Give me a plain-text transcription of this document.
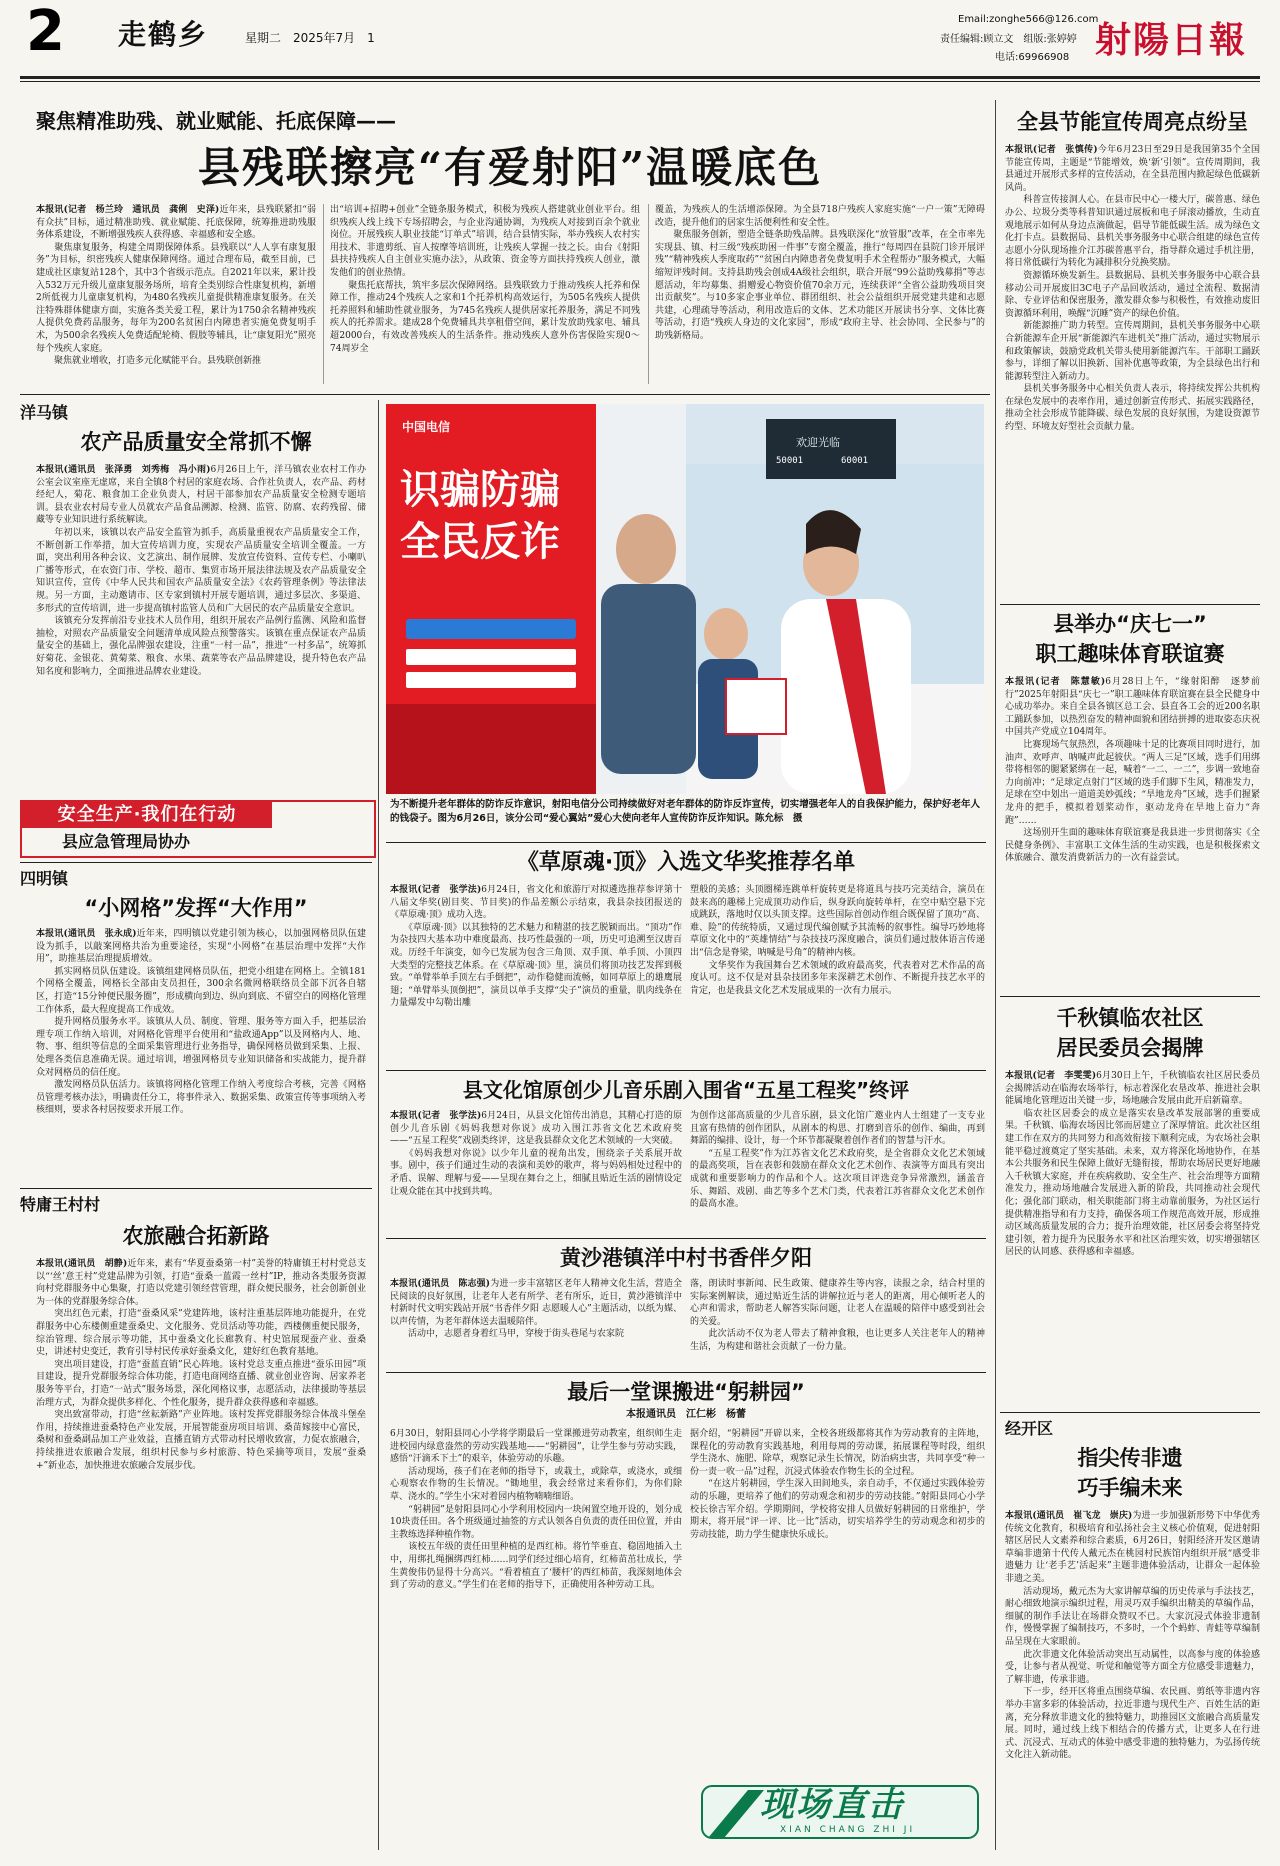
2 走鹤乡	星期二　2025年7月　1
Email:zonghe566@126.com
责任编辑:顾立文　组版:张婷婷
电话:69966908 射陽日報
聚焦精准助残、就业赋能、托底保障——
县残联擦亮“有爱射阳”温暖底色

本报讯(记者　杨兰玲　通讯员　龚俐　史泽)近年来，县残联紧扣“弱有众扶”目标，通过精准助残、就业赋能、托底保障，统筹推进助残服务体系建设，不断增强残疾人获得感、幸福感和安全感。
　　聚焦康复服务，构建全周期保障体系。县残联以“人人享有康复服务”为目标，织密残疾人健康保障网络。通过合理布局，截至目前，已建成社区康复站128个，其中3个省级示范点。自2021年以来，累计投入532万元升级儿童康复服务场所，培育全类别综合性康复机构，新增2所低视力儿童康复机构，为480名残疾儿童提供精准康复服务。在关注特殊群体健康方面，实施各类关爱工程，累计为1750余名精神残疾人提供免费药品服务，每年为200名贫困白内障患者实施免费复明手术，为500余名残疾人免费适配轮椅、假肢等辅具，让“康复阳光”照亮每个残疾人家庭。
　　聚焦就业增收，打造多元化赋能平台。县残联创新推

出“培训+招聘+创业”全链条服务模式，积极为残疾人搭建就业创业平台。组织残疾人线上线下专场招聘会，与企业沟通协调，为残疾人对接到百余个就业岗位。开展残疾人职业技能“订单式”培训，结合县情实际，举办残疾人农村实用技术、非遗剪纸、盲人按摩等培训班，让残疾人掌握一技之长。由台《射阳县扶持残疾人自主创业实施办法》，从政策、资金等方面扶持残疾人创业，激发他们的创业热情。
　　聚焦托底帮扶，筑牢多层次保障网络。县残联致力于推动残疾人托养和保障工作，推动24个残疾人之家和1个托养机构高效运行，为505名残疾人提供托养照料和辅助性就业服务，为745名残疾人提供居家托养服务，满足不同残疾人的托养需求。建成28个免费辅具共享租借空间，累计发放助残家电、辅具超2000台，有效改善残疾人的生活条件。推动残疾人意外伤害保险实现0～74周岁全

覆盖，为残疾人的生活增添保障。为全县718户残疾人家庭实施“一户一策”无障碍改造，提升他们的居家生活便利性和安全性。
　　聚焦服务创新，塑造全链条助残品牌。县残联深化“放管服”改革，在全市率先实现县、镇、村三级“残疾助困一件事”专窗全覆盖，推行“每周四在县院门诊开展评残”“精神残疾人季度取药”“贫困白内障患者免费复明手术全程帮办”服务模式，大幅缩短评残时间。支持县助残会创成4A级社会组织，联合开展“99公益助残募捐”等志愿活动，年均募集、捐赠爱心物资价值70余万元，连续获评“全省公益助残项目突出贡献奖”。与10多家企事业单位、群团组织、社会公益组织开展党建共建和志愿共建，心理疏导等活动，利用改造后的文体、艺术功能区开展读书分享、文体比赛等活动，打造“残疾人身边的文化家园”，形成“政府主导、社会协同、全民参与”的助残新格局。

全县节能宣传周亮点纷呈

本报讯(记者　张慎传)今年6月23日至29日是我国第35个全国节能宣传周，主题是“节能增效，焕‘新’引领”。宣传周期间，我县通过开展形式多样的宣传活动，在全县范围内掀起绿色低碳新风尚。
　　科普宣传接洞人心。在县市民中心一楼大厅，碳普惠、绿色办公、垃圾分类等科普知识通过展板和电子屏滚动播放，生动直观地展示如何从身边点滴做起，倡导节能低碳生活。成为绿色文化打卡点。县数据局、县机关事务服务中心联合组建的绿色宣传志愿小分队现场推介江苏碳普惠平台，指导群众通过手机注册，将日常低碳行为转化为减排积分兑换奖励。
　　资源循环焕发新生。县数据局、县机关事务服务中心联合县移动公司开展废旧3C电子产品回收活动，通过全流程、数据清除、专业评估和保密服务，激发群众参与积极性，有效推动废旧资源循环利用，唤醒“沉睡”资产的绿色价值。
　　新能源推广助力转型。宣传周期间，县机关事务服务中心联合新能源车企开展“新能源汽车进机关”推广活动，通过实物展示和政策解读，鼓励党政机关带头使用新能源汽车。干部职工踊跃参与，详细了解以旧换新、国补优惠等政策，为全县绿色出行和能源转型注入新动力。
　　县机关事务服务中心相关负责人表示，将持续发挥公共机构在绿色发展中的表率作用，通过创新宣传形式、拓展实践路径，推动全社会形成节能降碳、绿色发展的良好氛围，为建设资源节约型、环境友好型社会贡献力量。

洋马镇
农产品质量安全常抓不懈

本报讯(通讯员　张泽勇　刘秀梅　冯小雨)6月26日上午，洋马镇农业农村工作办公室会议室座无虚席，来自全镇8个村居的家庭农场、合作社负责人，农产品、药材经纪人，菊花、粮食加工企业负责人，村居干部参加农产品质量安全检测专题培训。县农业农村局专业人员就农产品食品溯源、检测、监管、防腐、农药残留、储藏等专业知识进行系统解读。
　　年初以来，该镇以农产品安全监管为抓手，高质量重视农产品质量安全工作，不断创新工作举措，加大宣传培训力度，实现农产品质量安全培训全覆盖。一方面，突出利用各种会议、文艺演出、制作展牌、发放宣传资料、宣传专栏、小喇叭广播等形式，在农资门市、学校、超市、集贸市场开展法律法规及农产品质量安全知识宣传，宣传《中华人民共和国农产品质量安全法》《农药管理条例》等法律法规。另一方面，主动邀请市、区专家到镇村开展专题培训，通过多层次、多渠道、多形式的宣传培训，进一步提高镇村监管人员和广大居民的农产品质量安全意识。
　　该镇充分发挥前沿专业技术人员作用，组织开展农产品例行监测、风险和监督抽检，对照农产品质量安全问题清单成风险点预警落实。该镇在重点保证农产品质量安全的基础上，强化品牌强农建设，注重“一村一品”，推进“一村多品”，统筹抓好菊花、金银花、黄菊菜、粮食、水果、蔬菜等农产品品牌建设，提升特色农产品知名度和影响力，全面推进品牌农业建设。

安全生产·我们在行动
县应急管理局协办
四明镇
“小网格”发挥“大作用”

本报讯(通讯员　张永成)近年来，四明镇以党建引领为核心，以加强网格员队伍建设为抓手，以敲案网格共治为重要途径，实现“小网格”在基层治理中发挥“大作用”，助推基层治理提质增效。
　　抓实网格员队伍建设。该镇组建网格员队伍，把党小组建在网格上。全镇181个网格全覆盖，网格长全部由支员担任，300余名微网格联络员全部下沉各自辖区，打造“15分钟便民服务圈”，形成横向到边、纵向到底、不留空白的网格化管理工作体系，最大程度提高工作成效。
　　提升网格员服务水平。该镇从人员、制度、管理、服务等方面入手，把基层治理专项工作纳入培训，对网格化管理平台使用和“盐政通App”以及网格内人、地、物、事、组织等信息的全面采集管理进行业务指导，确保网格员做到采集、上报、处理各类信息准确无误。通过培训，增强网格员专业知识储备和实战能力，提升群众对网格员的信任度。
　　激发网格员队伍活力。该镇将网格化管理工作纳入考度综合考核，完善《网格员管理考核办法》，明确责任分工，将事件录入、数据采集、政策宣传等事项纳入考核细则，要求各村居按要求开展工作。

特庸王村村
农旅融合拓新路

本报讯(通讯员　胡静)近年来，素有“华夏蚕桑第一村”美誉的特庸镇王村村党总支以“‘丝’意王村”党建品牌为引领，打造“蚕桑一蓝霞一丝村”IP，推动各类服务资源向村党群服务中心集聚，打造以党建引领经营管理，群众便民服务，社会创新创业为一体的党群服务综合体。
　　突出红色元素，打造“蚕桑风采”党建阵地，该村注重基层阵地功能提升，在党群服务中心东楼侧重建蚕桑史、文化服务、党员活动等功能，西楼侧重便民服务，综治管理、综合展示等功能，其中蚕桑文化长廊教育、村史馆展现蚕产业、蚕桑史，讲述村史变迁，教育引导村民传承好蚕桑文化，建好红色教育基地。
　　突出项目建设，打造“蚕蓝直销”民心阵地。该村党总支重点推进“蚕乐田园”项目建设，提升党群服务综合体功能，打造电商网络直播、就业创业咨询、居家养老服务等平台，打造“一站式”服务场景，深化网格议事，志愿活动，法律援助等基层治理方式，为群众提供多样化、个性化服务，提升群众获得感和幸福感。
　　突出致富带动，打造“丝耘新路”产业阵地。该村发挥党群服务综合体战斗堡垒作用，持续推进蚕桑特色产业发展，开展智能蚕房项目培训、桑苗嫁接中心富民，桑树和蚕桑副品加工产业效益，直播直销方式带动村民增收致富，力促农旅融合，持续推进农旅融合发展，组织村民参与乡村旅游、特色采摘等项目，发展“蚕桑+”新业态，加快推进农旅融合发展步伐。

中国电信
识骗防骗 全民反诈
欢迎光临
50001	60001
为不断提升老年群体的防诈反诈意识，射阳电信分公司持续做好对老年群体的防诈反诈宣传，切实增强老年人的自我保护能力，保护好老年人的钱袋子。图为6月26日，该分公司“爱心翼站”爱心大使向老年人宣传防诈反诈知识。陈允标　摄
《草原魂·顶》入选文华奖推荐名单

本报讯(记者　张学法)6月24日，省文化和旅游厅对拟遴选推荐参评第十八届文华奖(剧目奖、节目奖)的作品差额公示结束，我县杂技团报送的《草原魂·顶》成功入选。
　　《草原魂·顶》以其独特的艺术魅力和精湛的技艺脱颖而出。“顶功”作为杂技四大基本功中难度最高、技巧性最强的一项，历史可追溯至汉唐百戏。历经千年演变，如今已发展为包含三角顶、双手顶、单手顶、小顶四大类型的完整技艺体系。在《草原魂·顶》里，演员们将顶功技艺发挥到极致。“单臂举单手顶左右手倒把”，动作稳健而流畅，如同草原上的雄鹰展翅；“单臂举头顶倒把”，演员以单手支撑“尖子”演员的重量，肌肉线条在力量爆发中勾勒出雕

塑般的美感；头顶圈梯连跳单杆旋转更是将道具与技巧完美结合，演员在鼓来高的趣梯上完成顶功动作后，纵身跃向旋转单杆，在空中贴空悬下完成跳跃，落地时仅以头顶支撑。这些国际首创动作组合既保留了顶功“高、难、险”的传统特质，又通过现代编创赋予其流畅的叙事性。编导巧妙地将草原文化中的“英雄情结”与杂技技巧深度融合，演员们通过肢体语言传递出“信念是脊梁，呐喊是号角”的精神内核。
　　文华奖作为我国舞台艺术领域的政府最高奖，代表着对艺术作品的高度认可。这不仅是对县杂技团多年来深耕艺术创作、不断提升技艺水平的肯定，也是我县文化艺术发展成果的一次有力展示。

县文化馆原创少儿音乐剧入围省“五星工程奖”终评

本报讯(记者　张学法)6月24日，从县文化馆传出消息，其精心打造的原创少儿音乐剧《妈妈我想对你说》成功入围江苏省文化艺术政府奖——“五星工程奖”戏剧类终评，这是我县群众文化艺术领域的一大突破。
　　《妈妈我想对你说》以少年儿童的视角出发，围绕亲子关系展开故事。剧中，孩子们通过生动的表演和美妙的歌声，将与妈妈相处过程中的矛盾、误解、理解与爱——呈现在舞台之上，细腻且贴近生活的剧情设定让观众能在其中找到共鸣。

为创作这部高质量的少儿音乐剧，县文化馆广邀业内人士组建了一支专业且富有热情的创作团队，从剧本的构思、打磨到音乐的创作、编曲，再到舞蹈的编排、设计，每一个环节都凝聚着创作者们的智慧与汗水。
　　“五星工程奖”作为江苏省文化艺术政府奖，是全省群众文化艺术领域的最高奖项，旨在表彰和鼓励在群众文化艺术创作、表演等方面具有突出成就和重要影响力的作品和个人。这次项目评选竞争异常激烈，涵盖音乐、舞蹈、戏剧、曲艺等多个艺术门类，代表着江苏省群众文化艺术创作的最高水准。

黄沙港镇洋中村书香伴夕阳

本报讯(通讯员　陈志强)为进一步丰富辖区老年人精神文化生活，营造全民阅读的良好氛围，让老年人老有所学、老有所乐，近日，黄沙港镇洋中村新时代文明实践站开展“书香伴夕阳 志愿暖人心”主题活动，以纸为媒、以声传情，为老年群体送去温暖陪伴。
　　活动中，志愿者身着红马甲，穿梭于街头巷尾与农家院

落，朗读时事新闻、民生政策、健康养生等内容，读报之余，结合村里的实际案例解读，通过贴近生活的讲解拉近与老人的距离，用心倾听老人的心声和需求，帮助老人解答实际问题，让老人在温暖的陪伴中感受到社会的关爱。
　　此次活动不仅为老人带去了精神食粮，也让更多人关注老年人的精神生活，为构建和谐社会贡献了一份力量。

最后一堂课搬进“躬耕园”
本报通讯员　江仁彬　杨蕾

6月30日，射阳县同心小学将学期最后一堂课搬进劳动教室，组织师生走进校园内绿意盎然的劳动实践基地——“躬耕园”，让学生参与劳动实践，感悟“汗滴禾下土”的艰辛，体验劳动的乐趣。
　　活动现场，孩子们在老师的指导下，或栽土，或除草，或浇水，或细心观察农作物的生长情况。“锄地里，我会经常过来看你们，为你们除草、浇水的。”学生小宋对着园内植物喃喃细语。
　　“躬耕园”是射阳县同心小学利用校园内一块闲置空地开设的，划分成10块责任田。各个班级通过抽签的方式认领各自负责的责任田位置，并由主教练选择种植作物。
　　该校五年级的责任田里种植的是西红柿。将竹竿垂直、稳固地插入土中，用绑扎绳捆绑西红柿……同学们经过细心培育，红柿苗茁壮成长，学生黄俊伟仍显得十分高兴。“看着植直了‘腰杆’的西红柿苗，我深刻地体会到了劳动的意义。”学生们在老师的指导下，正确使用各种劳动工具。

据介绍，“躬耕园”开辟以来，全校各班级都将其作为劳动教育的主阵地，课程化的劳动教育实践基地，利用每周的劳动课，拓展课程等时段，组织学生浇水、施肥、除草，观察记录生长情况，防治病虫害，共同享受“种一份一责一收一品”过程，沉浸式体验农作物生长的全过程。
　　“在这片躬耕园，学生深入田间地头，亲自动手，不仅通过实践体验劳动的乐趣，更培养了他们的劳动观念和初步的劳动技能。”射阳县同心小学校长徐吉军介绍。学期期间，学校将安排人员做好躬耕园的日常维护，学期末，将开展“评一评、比一比”活动，切实培养学生的劳动观念和初步的劳动技能，助力学生健康快乐成长。

现场直击
XIAN CHANG ZHI JI
县举办“庆七一”
职工趣味体育联谊赛

本报讯(记者　陈慧敏)6月28日上午，“缘射阳醉　逐梦前行”2025年射阳县“庆七一”职工趣味体育联谊赛在县全民健身中心成功举办。来自全县各镇区总工会、县直各工会的近200名职工踊跃参加，以热烈奋发的精神面貌和团结拼搏的进取姿态庆祝中国共产党成立104周年。
　　比赛现场气氛热烈，各项趣味十足的比赛项目同时进行，加油声、欢呼声、呐喊声此起彼伏。“两人三足”区域，选手们用绑带将相邻的腿紧紧绑在一起，喊着“一二、一二”，步调一致地奋力向前冲；“足球定点射门”区域的选手们脚下生风，精准发力，足球在空中划出一道道美妙弧线；“旱地龙舟”区域，选手们握紧龙舟的把手，模拟着划桨动作，驱动龙舟在旱地上奋力“奔跑”……
　　这场别开生面的趣味体育联谊赛是我县进一步贯彻落实《全民健身条例》、丰富职工文体生活的生动实践，也是积极探索文体旅融合、激发消费新活力的一次有益尝试。

千秋镇临农社区
居民委员会揭牌

本报讯(记者　李雯雯)6月30日上午，千秋镇临农社区居民委员会揭牌活动在临海农场举行，标志着深化农垦改革、推进社会职能属地化管理迈出关键一步，场地融合发展由此开启新篇章。
　　临农社区居委会的成立是落实农垦改革发展部署的重要成果。千秋镇、临海农场因比邻而居建立了深厚情谊。此次社区组建工作在双方的共同努力和高效衔接下顺利完成，为农场社会职能平稳过渡奠定了坚实基础。未来，双方将深化场地协作，在基本公共服务和民生保障上做好无缝衔接，帮助农场居民更好地融入千秋镇大家庭，并在疾病救助、安全生产、社会治理等方面精准发力，推动场地融合发展进入新的阶段，共同推动社会现代化；强化部门联动，相关职能部门将主动靠前服务，为社区运行提供精准指导和有力支持，确保各项工作规范高效开展，形成推动区域高质量发展的合力；提升治理效能，社区居委会将坚持党建引领，着力提升为民服务水平和社区治理实效，切实增强辖区居民的认同感、获得感和幸福感。

经开区
指尖传非遗
巧手编未来

本报讯(通讯员　崔飞龙　崇庆)为进一步加强新形势下中华优秀传统文化教育，积极培育和弘扬社会主义核心价值观，促进射阳辖区居民人文素养和综合素质，6月26日，射阳经济开发区邀请草编非遗第十代传人戴元杰在桃园村民族馆内组织开展“感受非遗魅力 让‘老手艺’活起来”主题非遗体验活动，让群众一起体验非遗之美。
　　活动现场，戴元杰为大家讲解草编的历史传承与手法技艺，耐心细致地演示编织过程，用灵巧双手编织出精美的草编作品，细腻的制作手法让在场群众赞叹不已。大家沉浸式体验非遗制作，慢慢掌握了编制技巧，不多时，一个个蚂蚱、青蛙等草编制品呈现在大家眼前。
　　此次非遗文化体验活动突出互动属性，以高参与度的体验感受，让参与者从视觉、听觉和触觉等方面全方位感受非遗魅力，了解非遗，传承非遗。
　　下一步，经开区将重点围绕草编、农民画、剪纸等非遗内容举办丰富多彩的体验活动，拉近非遗与现代生产、百姓生活的距离，充分释放非遗文化的独特魅力，助推园区文旅融合高质量发展。同时，通过线上线下相结合的传播方式，让更多人在行进式、沉浸式、互动式的体验中感受非遗的独特魅力，为弘扬传统文化注入新动能。
